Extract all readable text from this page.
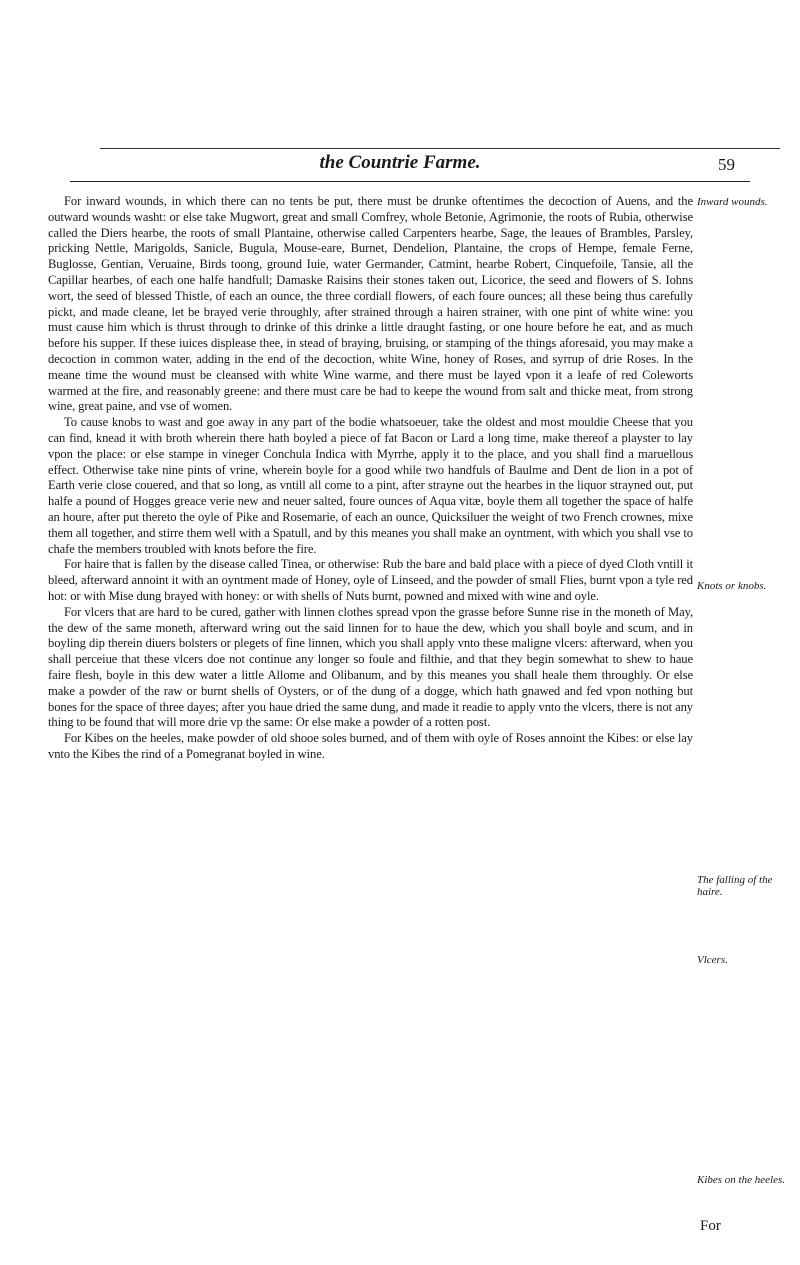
the Countrie Farme.	59

For inward wounds, in which there can no tents be put, there must be drunke oftentimes the decoction of Auens, and the outward wounds washt: or else take Mugwort, great and small Comfrey, whole Betonie, Agrimonie, the roots of Rubia, otherwise called the Diers hearbe, the roots of small Plantaine, otherwise called Carpenters hearbe, Sage, the leaues of Brambles, Parsley, pricking Nettle, Marigolds, Sanicle, Bugula, Mouse-eare, Burnet, Dendelion, Plantaine, the crops of Hempe, female Ferne, Buglosse, Gentian, Veruaine, Birds toong, ground Iuie, water Germander, Catmint, hearbe Robert, Cinquefoile, Tansie, all the Capillar hearbes, of each one halfe handfull; Damaske Raisins their stones taken out, Licorice, the seed and flowers of S. Iohns wort, the seed of blessed Thistle, of each an ounce, the three cordiall flowers, of each foure ounces; all these being thus carefully pickt, and made cleane, let be brayed verie throughly, after strained through a hairen strainer, with one pint of white wine: you must cause him which is thrust through to drinke of this drinke a little draught fasting, or one houre before he eat, and as much before his supper. If these iuices displease thee, in stead of braying, bruising, or stamping of the things aforesaid, you may make a decoction in common water, adding in the end of the decoction, white Wine, honey of Roses, and syrrup of drie Roses. In the meane time the wound must be cleansed with white Wine warme, and there must be layed vpon it a leafe of red Coleworts warmed at the fire, and reasonably greene: and there must care be had to keepe the wound from salt and thicke meat, from strong wine, great paine, and vse of women.

To cause knobs to wast and goe away in any part of the bodie whatsoeuer, take the oldest and most mouldie Cheese that you can find, knead it with broth wherein there hath boyled a piece of fat Bacon or Lard a long time, make thereof a playster to lay vpon the place: or else stampe in vineger Conchula Indica with Myrrhe, apply it to the place, and you shall find a maruellous effect. Otherwise take nine pints of vrine, wherein boyle for a good while two handfuls of Baulme and Dent de lion in a pot of Earth verie close couered, and that so long, as vntill all come to a pint, after strayne out the hearbes in the liquor strayned out, put halfe a pound of Hogges greace verie new and neuer salted, foure ounces of Aqua vitæ, boyle them all together the space of halfe an houre, after put thereto the oyle of Pike and Rosemarie, of each an ounce, Quicksiluer the weight of two French crownes, mixe them all together, and stirre them well with a Spatull, and by this meanes you shall make an oyntment, with which you shall vse to chafe the members troubled with knots before the fire.

For haire that is fallen by the disease called Tinea, or otherwise: Rub the bare and bald place with a piece of dyed Cloth vntill it bleed, afterward annoint it with an oyntment made of Honey, oyle of Linseed, and the powder of small Flies, burnt vpon a tyle red hot: or with Mise dung brayed with honey: or with shells of Nuts burnt, powned and mixed with wine and oyle.

For vlcers that are hard to be cured, gather with linnen clothes spread vpon the grasse before Sunne rise in the moneth of May, the dew of the same moneth, afterward wring out the said linnen for to haue the dew, which you shall boyle and scum, and in boyling dip therein diuers bolsters or plegets of fine linnen, which you shall apply vnto these maligne vlcers: afterward, when you shall perceiue that these vlcers doe not continue any longer so foule and filthie, and that they begin somewhat to shew to haue faire flesh, boyle in this dew water a little Allome and Olibanum, and by this meanes you shall heale them throughly. Or else make a powder of the raw or burnt shells of Oysters, or of the dung of a dogge, which hath gnawed and fed vpon nothing but bones for the space of three dayes; after you haue dried the same dung, and made it readie to apply vnto the vlcers, there is not any thing to be found that will more drie vp the same: Or else make a powder of a rotten post.

For Kibes on the heeles, make powder of old shooe soles burned, and of them with oyle of Roses annoint the Kibes: or else lay vnto the Kibes the rind of a Pomegranat boyled in wine.

Inward wounds.
Knots or knobs.
The falling of the haire.
Vlcers.
Kibes on the heeles.
For
